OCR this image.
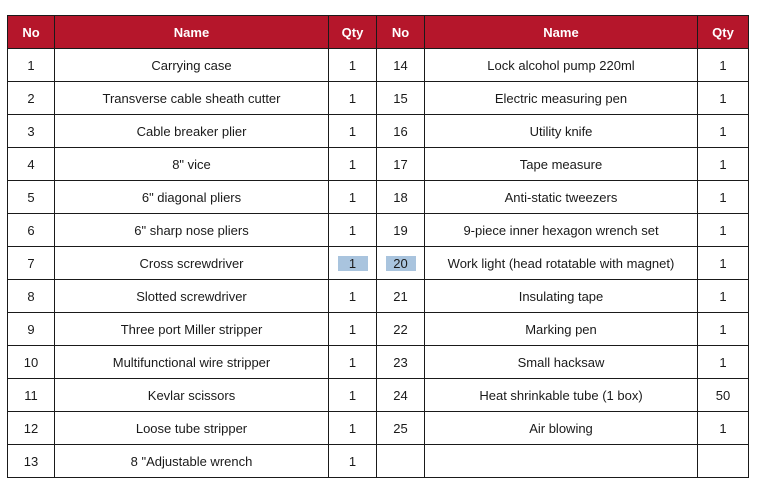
No	Name	Qty	No	Name	Qty
1	Carrying case	1	14	Lock alcohol pump 220ml	1
2	Transverse cable sheath cutter	1	15	Electric measuring pen	1
3	Cable breaker plier	1	16	Utility knife	1
4	8" vice	1	17	Tape measure	1
5	6" diagonal pliers	1	18	Anti-static tweezers	1
6	6" sharp nose pliers	1	19	9-piece inner hexagon wrench set	1
7	Cross screwdriver	1	20	Work light (head rotatable with magnet)	1
8	Slotted screwdriver	1	21	Insulating tape	1
9	Three port Miller stripper	1	22	Marking pen	1
10	Multifunctional wire stripper	1	23	Small hacksaw	1
11	Kevlar scissors	1	24	Heat shrinkable tube (1 box)	50
12	Loose tube stripper	1	25	Air blowing	1
13	8 "Adjustable wrench	1			
